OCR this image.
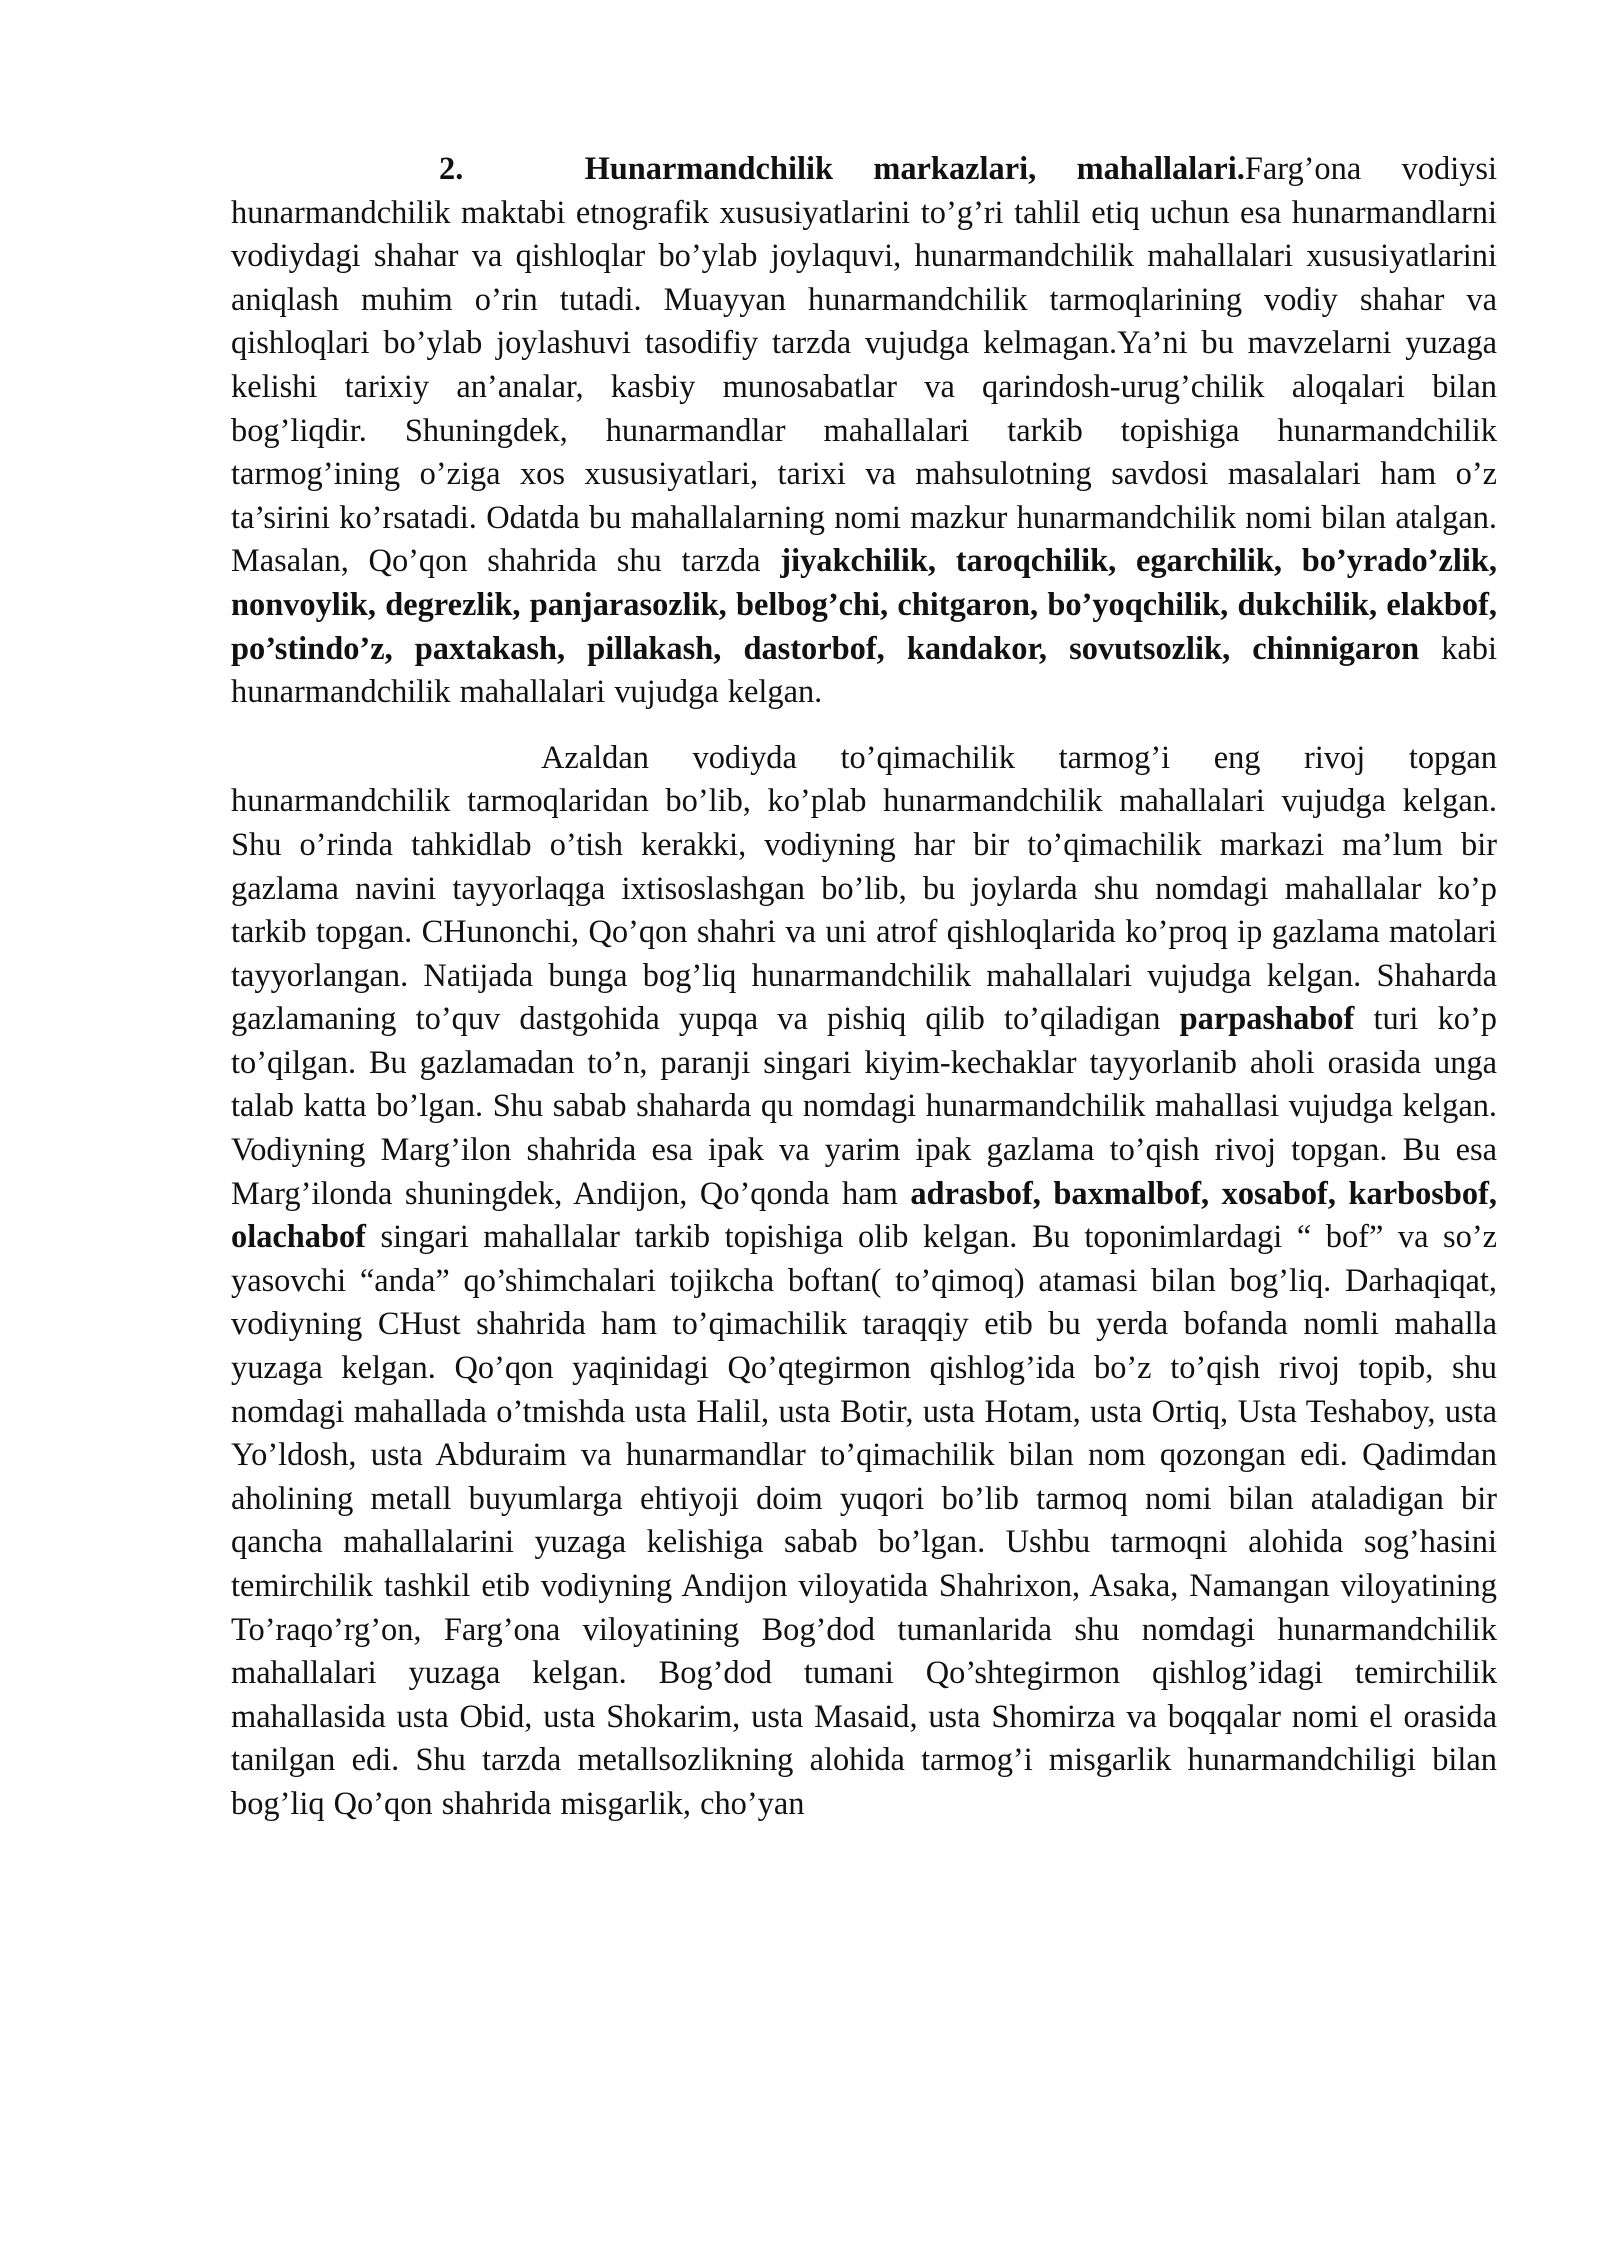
2.	Hunarmandchilik markazlari, mahallalari.Farg’ona vodiysi hunarmandchilik maktabi etnografik xususiyatlarini to’g’ri tahlil etiq uchun esa hunarmandlarni vodiydagi shahar va qishloqlar bo’ylab joylaquvi, hunarmandchilik mahallalari xususiyatlarini aniqlash muhim o’rin tutadi. Muayyan hunarmandchilik tarmoqlarining vodiy shahar va qishloqlari bo’ylab joylashuvi tasodifiy tarzda vujudga kelmagan.Ya’ni bu mavzelarni yuzaga kelishi tarixiy an’analar, kasbiy munosabatlar va qarindosh-urug’chilik aloqalari bilan bog’liqdir. Shuningdek, hunarmandlar mahallalari tarkib topishiga hunarmandchilik tarmog’ining o’ziga xos xususiyatlari, tarixi va mahsulotning savdosi masalalari ham o’z ta’sirini ko’rsatadi. Odatda bu mahallalarning nomi mazkur hunarmandchilik nomi bilan atalgan. Masalan, Qo’qon shahrida shu tarzda jiyakchilik, taroqchilik, egarchilik, bo’yrado’zlik, nonvoylik, degrezlik, panjarasozlik, belbog’chi, chitgaron, bo’yoqchilik, dukchilik, elakbof, po’stindo’z, paxtakash, pillakash, dastorbof, kandakor, sovutsozlik, chinnigaron kabi hunarmandchilik mahallalari vujudga kelgan.

Azaldan vodiyda to’qimachilik tarmog’i eng rivoj topgan hunarmandchilik tarmoqlaridan bo’lib, ko’plab hunarmandchilik mahallalari vujudga kelgan. Shu o’rinda tahkidlab o’tish kerakki, vodiyning har bir to’qimachilik markazi ma’lum bir gazlama navini tayyorlaqga ixtisoslashgan bo’lib, bu joylarda shu nomdagi mahallalar ko’p tarkib topgan. CHunonchi, Qo’qon shahri va uni atrof qishloqlarida ko’proq ip gazlama matolari tayyorlangan. Natijada bunga bog’liq hunarmandchilik mahallalari vujudga kelgan. Shaharda gazlamaning to’quv dastgohida yupqa va pishiq qilib to’qiladigan parpashabof turi ko’p to’qilgan. Bu gazlamadan to’n, paranji singari kiyim-kechaklar tayyorlanib aholi orasida unga talab katta bo’lgan. Shu sabab shaharda qu nomdagi hunarmandchilik mahallasi vujudga kelgan. Vodiyning Marg’ilon shahrida esa ipak va yarim ipak gazlama to’qish rivoj topgan. Bu esa Marg’ilonda shuningdek, Andijon, Qo’qonda ham adrasbof, baxmalbof, xosabof, karbosbof, olachabof singari mahallalar tarkib topishiga olib kelgan. Bu toponimlardagi “ bof” va so’z yasovchi “anda” qo’shimchalari tojikcha boftan( to’qimoq) atamasi bilan bog’liq. Darhaqiqat, vodiyning CHust shahrida ham to’qimachilik taraqqiy etib bu yerda bofanda nomli mahalla yuzaga kelgan. Qo’qon yaqinidagi Qo’qtegirmon qishlog’ida bo’z to’qish rivoj topib, shu nomdagi mahallada o’tmishda usta Halil, usta Botir, usta Hotam, usta Ortiq, Usta Teshaboy, usta Yo’ldosh, usta Abduraim va hunarmandlar to’qimachilik bilan nom qozongan edi. Qadimdan aholining metall buyumlarga ehtiyoji doim yuqori bo’lib tarmoq nomi bilan ataladigan bir qancha mahallalarini yuzaga kelishiga sabab bo’lgan. Ushbu tarmoqni alohida sog’hasini temirchilik tashkil etib vodiyning Andijon viloyatida Shahrixon, Asaka, Namangan viloyatining To’raqo’rg’on, Farg’ona viloyatining Bog’dod tumanlarida shu nomdagi hunarmandchilik mahallalari yuzaga kelgan. Bog’dod tumani Qo’shtegirmon qishlog’idagi temirchilik mahallasida usta Obid, usta Shokarim, usta Masaid, usta Shomirza va boqqalar nomi el orasida tanilgan edi. Shu tarzda metallsozlikning alohida tarmog’i misgarlik hunarmandchiligi bilan bog’liq Qo’qon shahrida misgarlik, cho’yan
